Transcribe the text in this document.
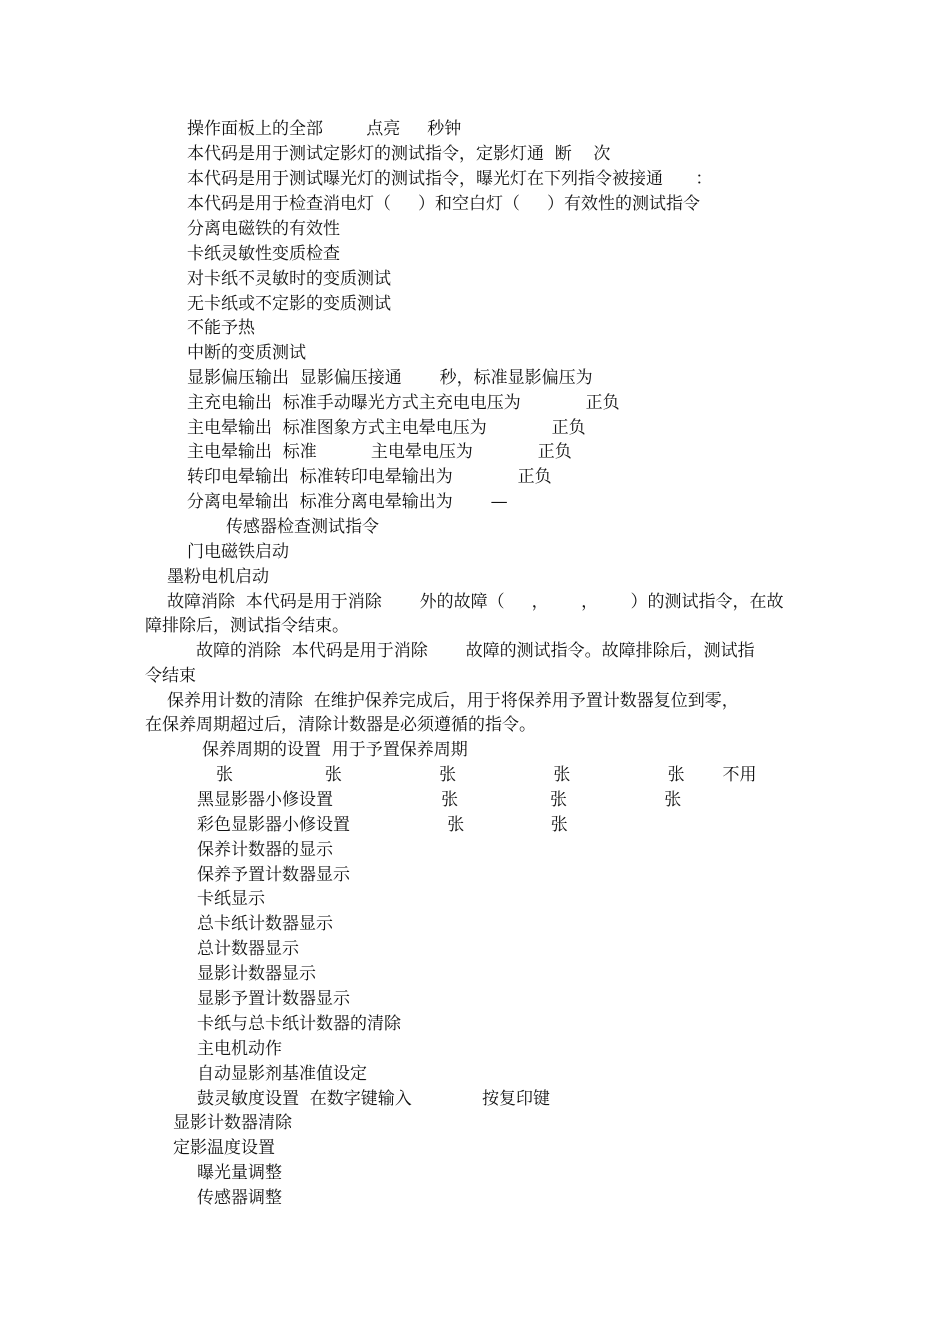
操作面板上的全部        点亮     秒钟

本代码是用于测试定影灯的测试指令，定影灯通  断    次

本代码是用于测试曝光灯的测试指令，曝光灯在下列指令被接通      ：

本代码是用于检查消电灯（     ）和空白灯（     ）有效性的测试指令

分离电磁铁的有效性

卡纸灵敏性变质检查

对卡纸不灵敏时的变质测试

无卡纸或不定影的变质测试

不能予热

中断的变质测试

显影偏压输出  显影偏压接通       秒，标准显影偏压为

主充电输出  标准手动曝光方式主充电电压为            正负

主电晕输出  标准图象方式主电晕电压为            正负

主电晕输出  标准          主电晕电压为            正负

转印电晕输出  标准转印电晕输出为            正负

分离电晕输出  标准分离电晕输出为       —

传感器检查测试指令

门电磁铁启动

墨粉电机启动

故障消除  本代码是用于消除       外的故障（     ，      ，      ）的测试指令，在故

障排除后，测试指令结束。

故障的消除  本代码是用于消除       故障的测试指令。故障排除后，测试指

令结束

保养用计数的清除  在维护保养完成后，用于将保养用予置计数器复位到零，

在保养周期超过后，清除计数器是必须遵循的指令。

保养周期的设置  用于予置保养周期

张                 张                  张                  张                  张       不用

黑显影器小修设置                    张                 张                  张

彩色显影器小修设置                  张                张

保养计数器的显示

保养予置计数器显示

卡纸显示

总卡纸计数器显示

总计数器显示

显影计数器显示

显影予置计数器显示

卡纸与总卡纸计数器的清除

主电机动作

自动显影剂基准值设定

鼓灵敏度设置  在数字键输入             按复印键

显影计数器清除

定影温度设置

曝光量调整

传感器调整
